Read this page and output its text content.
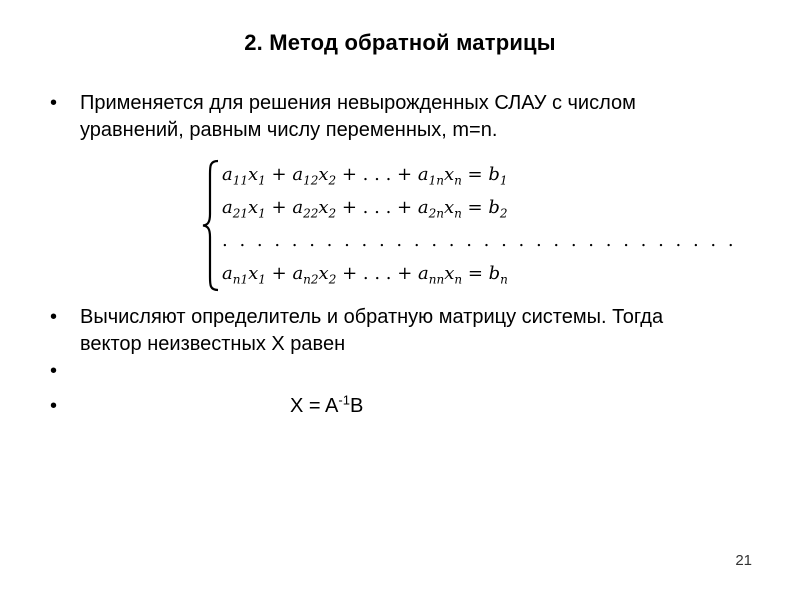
2. Метод обратной матрицы
•	Применяется для решения невырожденных СЛАУ с числом уравнений, равным числу переменных, m=n.
$a_{11}x_1 + a_{12}x_2$ + . . . + $a_{1n}x_n = b_1$
$a_{21}x_1 + a_{22}x_2$ + . . . + $a_{2n}x_n = b_2$
. . . . . . . . . . . . . . . . . . . . . . . . . . . . . .
$a_{n1}x_1 + a_{n2}x_2$ + . . . + $a_{nn}x_n = b_n$
•	Вычисляют определитель и обратную матрицу системы. Тогда вектор неизвестных X равен
•
•	$X = A^{-1}B$
21
